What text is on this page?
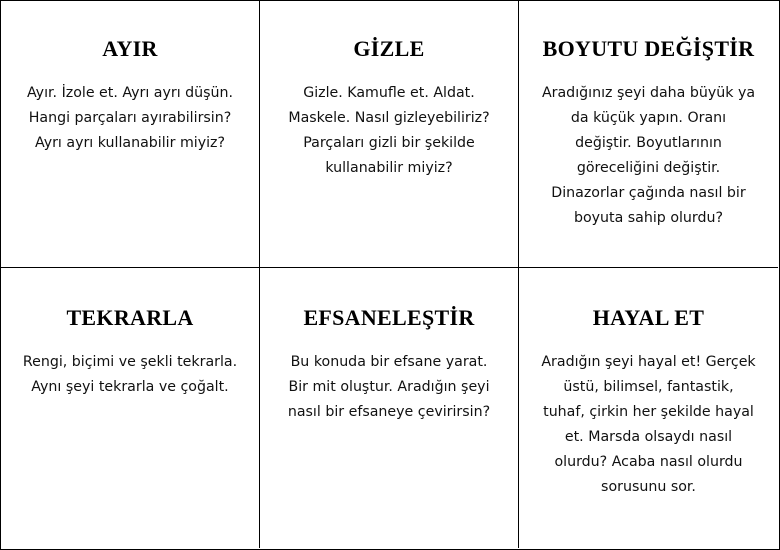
AYIR

Ayır. İzole et. Ayrı ayrı düşün.
Hangi parçaları ayırabilirsin?
Ayrı ayrı kullanabilir miyiz?

GİZLE

Gizle. Kamufle et. Aldat.
Maskele. Nasıl gizleyebiliriz?
Parçaları gizli bir şekilde
kullanabilir miyiz?

BOYUTU DEĞİŞTİR

Aradığınız şeyi daha büyük ya
da küçük yapın. Oranı
değiştir. Boyutlarının
göreceliğini değiştir.
Dinazorlar çağında nasıl bir
boyuta sahip olurdu?

TEKRARLA

Rengi, biçimi ve şekli tekrarla.
Aynı şeyi tekrarla ve çoğalt.

EFSANELEŞTİR

Bu konuda bir efsane yarat.
Bir mit oluştur. Aradığın şeyi
nasıl bir efsaneye çevirirsin?

HAYAL ET

Aradığın şeyi hayal et! Gerçek
üstü, bilimsel, fantastik,
tuhaf, çirkin her şekilde hayal
et. Marsda olsaydı nasıl
olurdu? Acaba nasıl olurdu
sorusunu sor.
